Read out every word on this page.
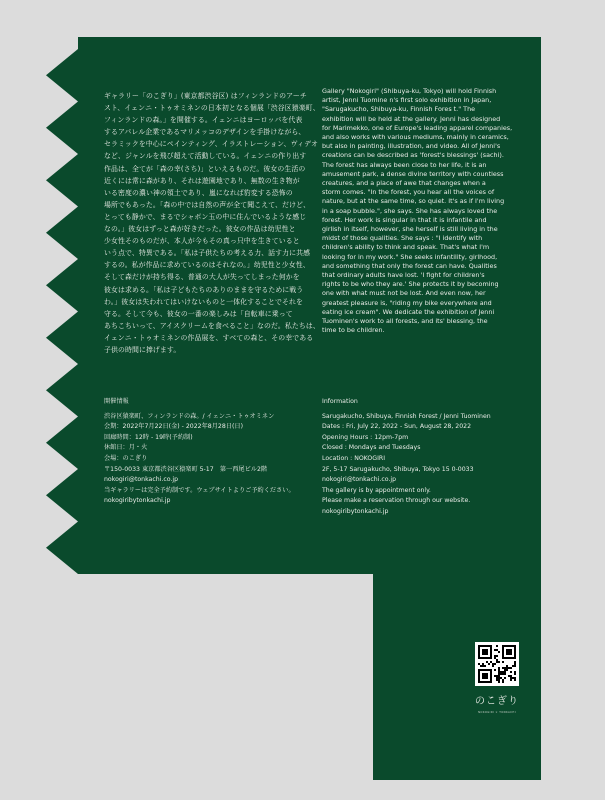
ギャラリー「のこぎり」(東京都渋谷区) はフィンランドのアーチ
スト、イェンニ・トゥオミネンの日本初となる個展「渋谷区猿楽町、
フィンランドの森。」を開催する。イェンニはヨーロッパを代表
するアパレル企業であるマリメッコのデザインを手掛けながら、
セラミックを中心にペインティング、イラストレーション、ヴィデオ
など、ジャンルを飛び超えて活動している。イェンニの作り出す
作品は、全てが「森の幸(さち)」といえるものだ。彼女の生活の
近くには常に森があり、それは遊園地であり、無数の生き物が
いる密度の濃い神の領土であり、嵐になれば豹変する恐怖の
場所でもあった。「森の中では自然の声が全て聞こえて、だけど、
とっても静かで、まるでシャボン玉の中に住んでいるような感じ
なの。」彼女はずっと森が好きだった。彼女の作品は幼児性と
少女性そのものだが、本人が今もその真っ只中を生きていると
いう点で、特異である。「私は子供たちの考える力、話す力に共感
するの。私が作品に求めているのはそれなの。」幼児性と少女性、
そして森だけが持ち得る、普通の大人が失ってしまった何かを
彼女は求める。「私は子どもたちのありのままを守るために戦う
わ。」彼女は失われてはいけないものと一体化することでそれを
守る。そして今も、彼女の一番の楽しみは「自転車に乗って
あちこちいって、アイスクリームを食べること」なのだ。私たちは、
イェンニ・トゥオミネンの作品展を、すべての森と、その幸である
子供の時間に捧げます。
Gallery "Nokogiri" (Shibuya-ku, Tokyo) will hold Finnish
artist, Jenni Tuomine n's first solo exhibition in Japan,
"Sarugakucho, Shibuya-ku, Finnish Fores t." The
exhibition will be held at the gallery. Jenni has designed
for Marimekko, one of Europe's leading apparel companies,
and also works with various mediums, mainly in ceramics,
but also in painting, illustration, and video. All of Jenni's
creations can be described as 'forest's blessings' (sachi).
The forest has always been close to her life, it is an
amusement park, a dense divine territory with countless
creatures, and a place of awe that changes when a
storm comes. "In the forest, you hear all the voices of
nature, but at the same time, so quiet. It's as if I'm living
in a soap bubble.", she says. She has always loved the
forest. Her work is singular in that it is infantile and
girlish in itself, however, she herself is still living in the
midst of those qualities. She says : "I identify with
children's ability to think and speak. That's what I'm
looking for in my work." She seeks infantility, girlhood,
and something that only the forest can have. Qualities
that ordinary adults have lost. 'I fight for children's
rights to be who they are.' She protects it by becoming
one with what must not be lost. And even now, her
greatest pleasure is, "riding my bike everywhere and
eating ice cream". We dedicate the exhibition of Jenni
Tuominen's work to all forests, and its' blessing, the
time to be children.
開催情報
渋谷区猿楽町、フィンランドの森。/ イェンニ・トゥオミネン
会期：2022年7月22日(金) - 2022年8月28日(日)
回廊時間：12時 - 19時(予約制)
休館日：月・火
会場：のこぎり
〒150-0033 東京都渋谷区猿楽町 5-17　第一西尾ビル2階
nokogiri@tonkachi.co.jp
当ギャラリーは完全予約制です。ウェブサイトよりご予約ください。
nokogiribytonkachi.jp
Information
Sarugakucho, Shibuya, Finnish Forest / Jenni Tuominen
Dates : Fri, July 22, 2022 - Sun, August 28, 2022
Opening Hours : 12pm-7pm
Closed : Mondays and Tuesdays
Location : NOKOGIRI
2F, 5-17 Sarugakucho, Shibuya, Tokyo 15 0-0033
nokogiri@tonkachi.co.jp
The gallery is by appointment only.
Please make a reservation through our website.
nokogiribytonkachi.jp
のこぎり
NOKOGIRI × TONKACHI
